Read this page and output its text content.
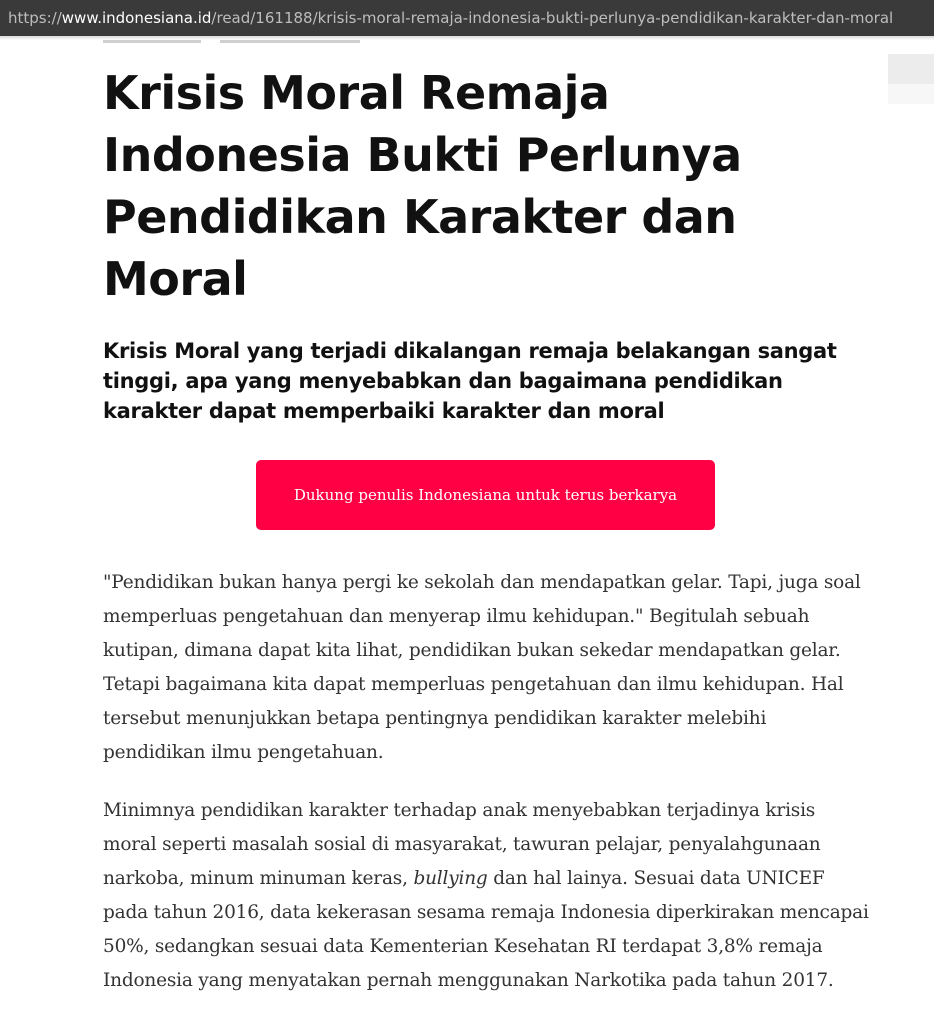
https://www.indonesiana.id/read/161188/krisis-moral-remaja-indonesia-bukti-perlunya-pendidikan-karakter-dan-moral
Krisis Moral Remaja Indonesia Bukti Perlunya Pendidikan Karakter dan Moral
Krisis Moral yang terjadi dikalangan remaja belakangan sangat tinggi, apa yang menyebabkan dan bagaimana pendidikan karakter dapat memperbaiki karakter dan moral
Dukung penulis Indonesiana untuk terus berkarya

"Pendidikan bukan hanya pergi ke sekolah dan mendapatkan gelar. Tapi, juga soal memperluas pengetahuan dan menyerap ilmu kehidupan." Begitulah sebuah kutipan, dimana dapat kita lihat, pendidikan bukan sekedar mendapatkan gelar. Tetapi bagaimana kita dapat memperluas pengetahuan dan ilmu kehidupan. Hal tersebut menunjukkan betapa pentingnya pendidikan karakter melebihi pendidikan ilmu pengetahuan.

Minimnya pendidikan karakter terhadap anak menyebabkan terjadinya krisis moral seperti masalah sosial di masyarakat, tawuran pelajar, penyalahgunaan narkoba, minum minuman keras, bullying dan hal lainya. Sesuai data UNICEF pada tahun 2016, data kekerasan sesama remaja Indonesia diperkirakan mencapai 50%, sedangkan sesuai data Kementerian Kesehatan RI terdapat 3,8% remaja Indonesia yang menyatakan pernah menggunakan Narkotika pada tahun 2017.
